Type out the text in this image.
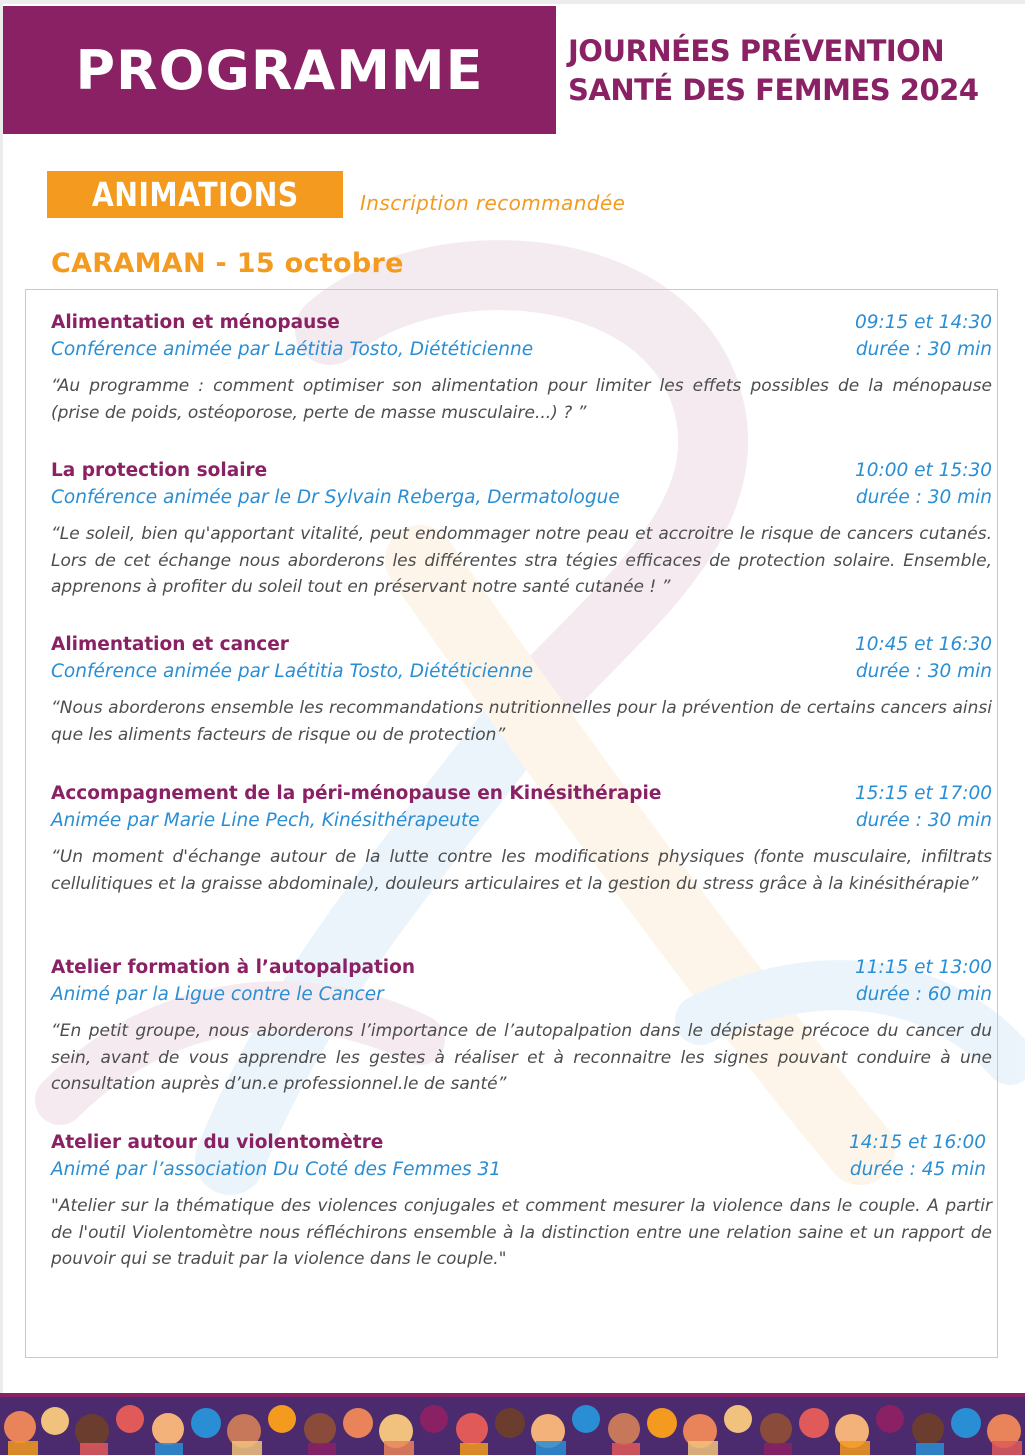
PROGRAMME	JOURNÉES PRÉVENTION
SANTÉ DES FEMMES 2024
ANIMATIONS	Inscription recommandée
CARAMAN - 15 octobre
Alimentation et ménopause	09:15 et 14:30
Conférence animée par Laétitia Tosto, Diététicienne	durée : 30 min
“Au programme : comment optimiser son alimentation pour limiter les effets possibles de la ménopause (prise de poids, ostéoporose, perte de masse musculaire...) ? ”
La protection solaire	10:00 et 15:30
Conférence animée par le Dr Sylvain Reberga, Dermatologue	durée : 30 min
“Le soleil, bien qu'apportant vitalité, peut endommager notre peau et accroitre le risque de cancers cutanés. Lors de cet échange nous aborderons les différentes stra tégies efficaces de protection solaire. Ensemble, apprenons à profiter du soleil tout en préservant notre santé cutanée ! ”
Alimentation et cancer	10:45 et 16:30
Conférence animée par Laétitia Tosto, Diététicienne	durée : 30 min
“Nous aborderons ensemble les recommandations nutritionnelles pour la prévention de certains cancers ainsi que les aliments facteurs de risque ou de protection”
Accompagnement de la péri-ménopause en Kinésithérapie	15:15 et 17:00
Animée par Marie Line Pech, Kinésithérapeute	durée : 30 min
“Un moment d'échange autour de la lutte contre les modifications physiques (fonte musculaire, infiltrats cellulitiques et la graisse abdominale), douleurs articulaires et la gestion du stress grâce à la kinésithérapie”
Atelier formation à l’autopalpation	11:15 et 13:00
Animé par la Ligue contre le Cancer	durée : 60 min
“En petit groupe, nous aborderons l’importance de l’autopalpation dans le dépistage précoce du cancer du sein, avant de vous apprendre les gestes à réaliser et à reconnaitre les signes pouvant conduire à une consultation auprès d’un.e professionnel.le de santé”
Atelier autour du violentomètre	14:15 et 16:00
Animé par l’association Du Coté des Femmes 31	durée : 45 min
"Atelier sur la thématique des violences conjugales et comment mesurer la violence dans le couple. A partir de l'outil Violentomètre nous réfléchirons ensemble à la distinction entre une relation saine et un rapport de pouvoir qui se traduit par la violence dans le couple."
